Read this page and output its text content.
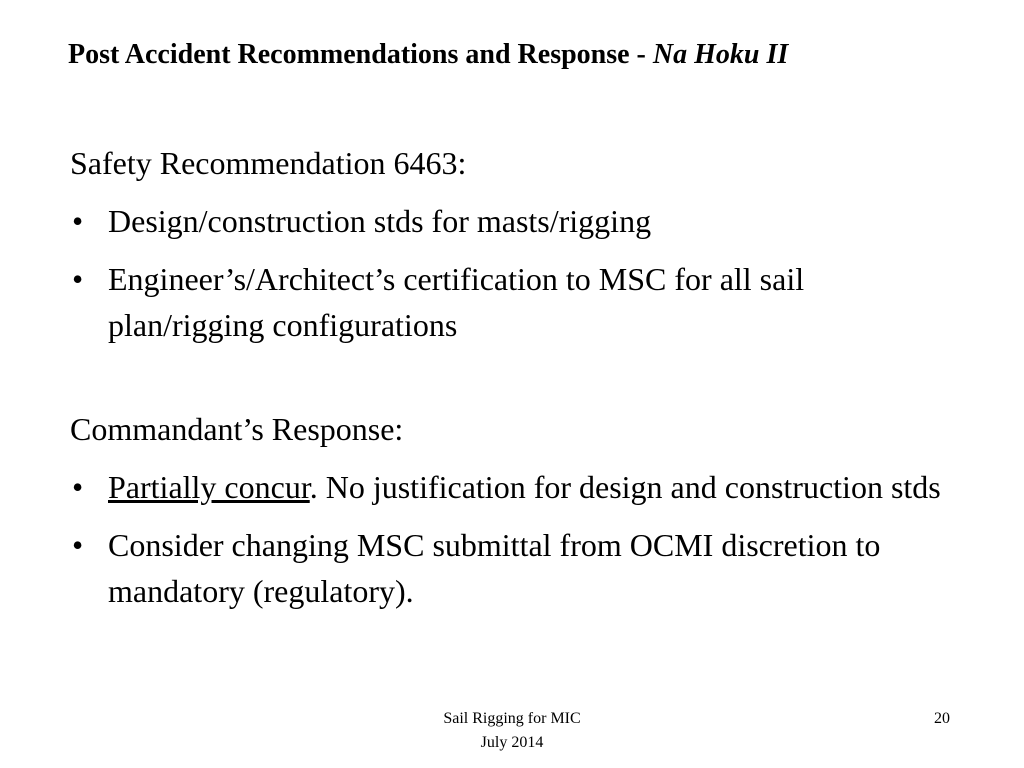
Post Accident Recommendations and Response - Na Hoku II

Safety Recommendation 6463:

• Design/construction stds for masts/rigging
• Engineer’s/Architect’s certification to MSC for all sail plan/rigging configurations

Commandant’s Response:

• Partially concur. No justification for design and construction stds
• Consider changing MSC submittal from OCMI discretion to mandatory (regulatory).
Sail Rigging for MIC
July 2014
20
